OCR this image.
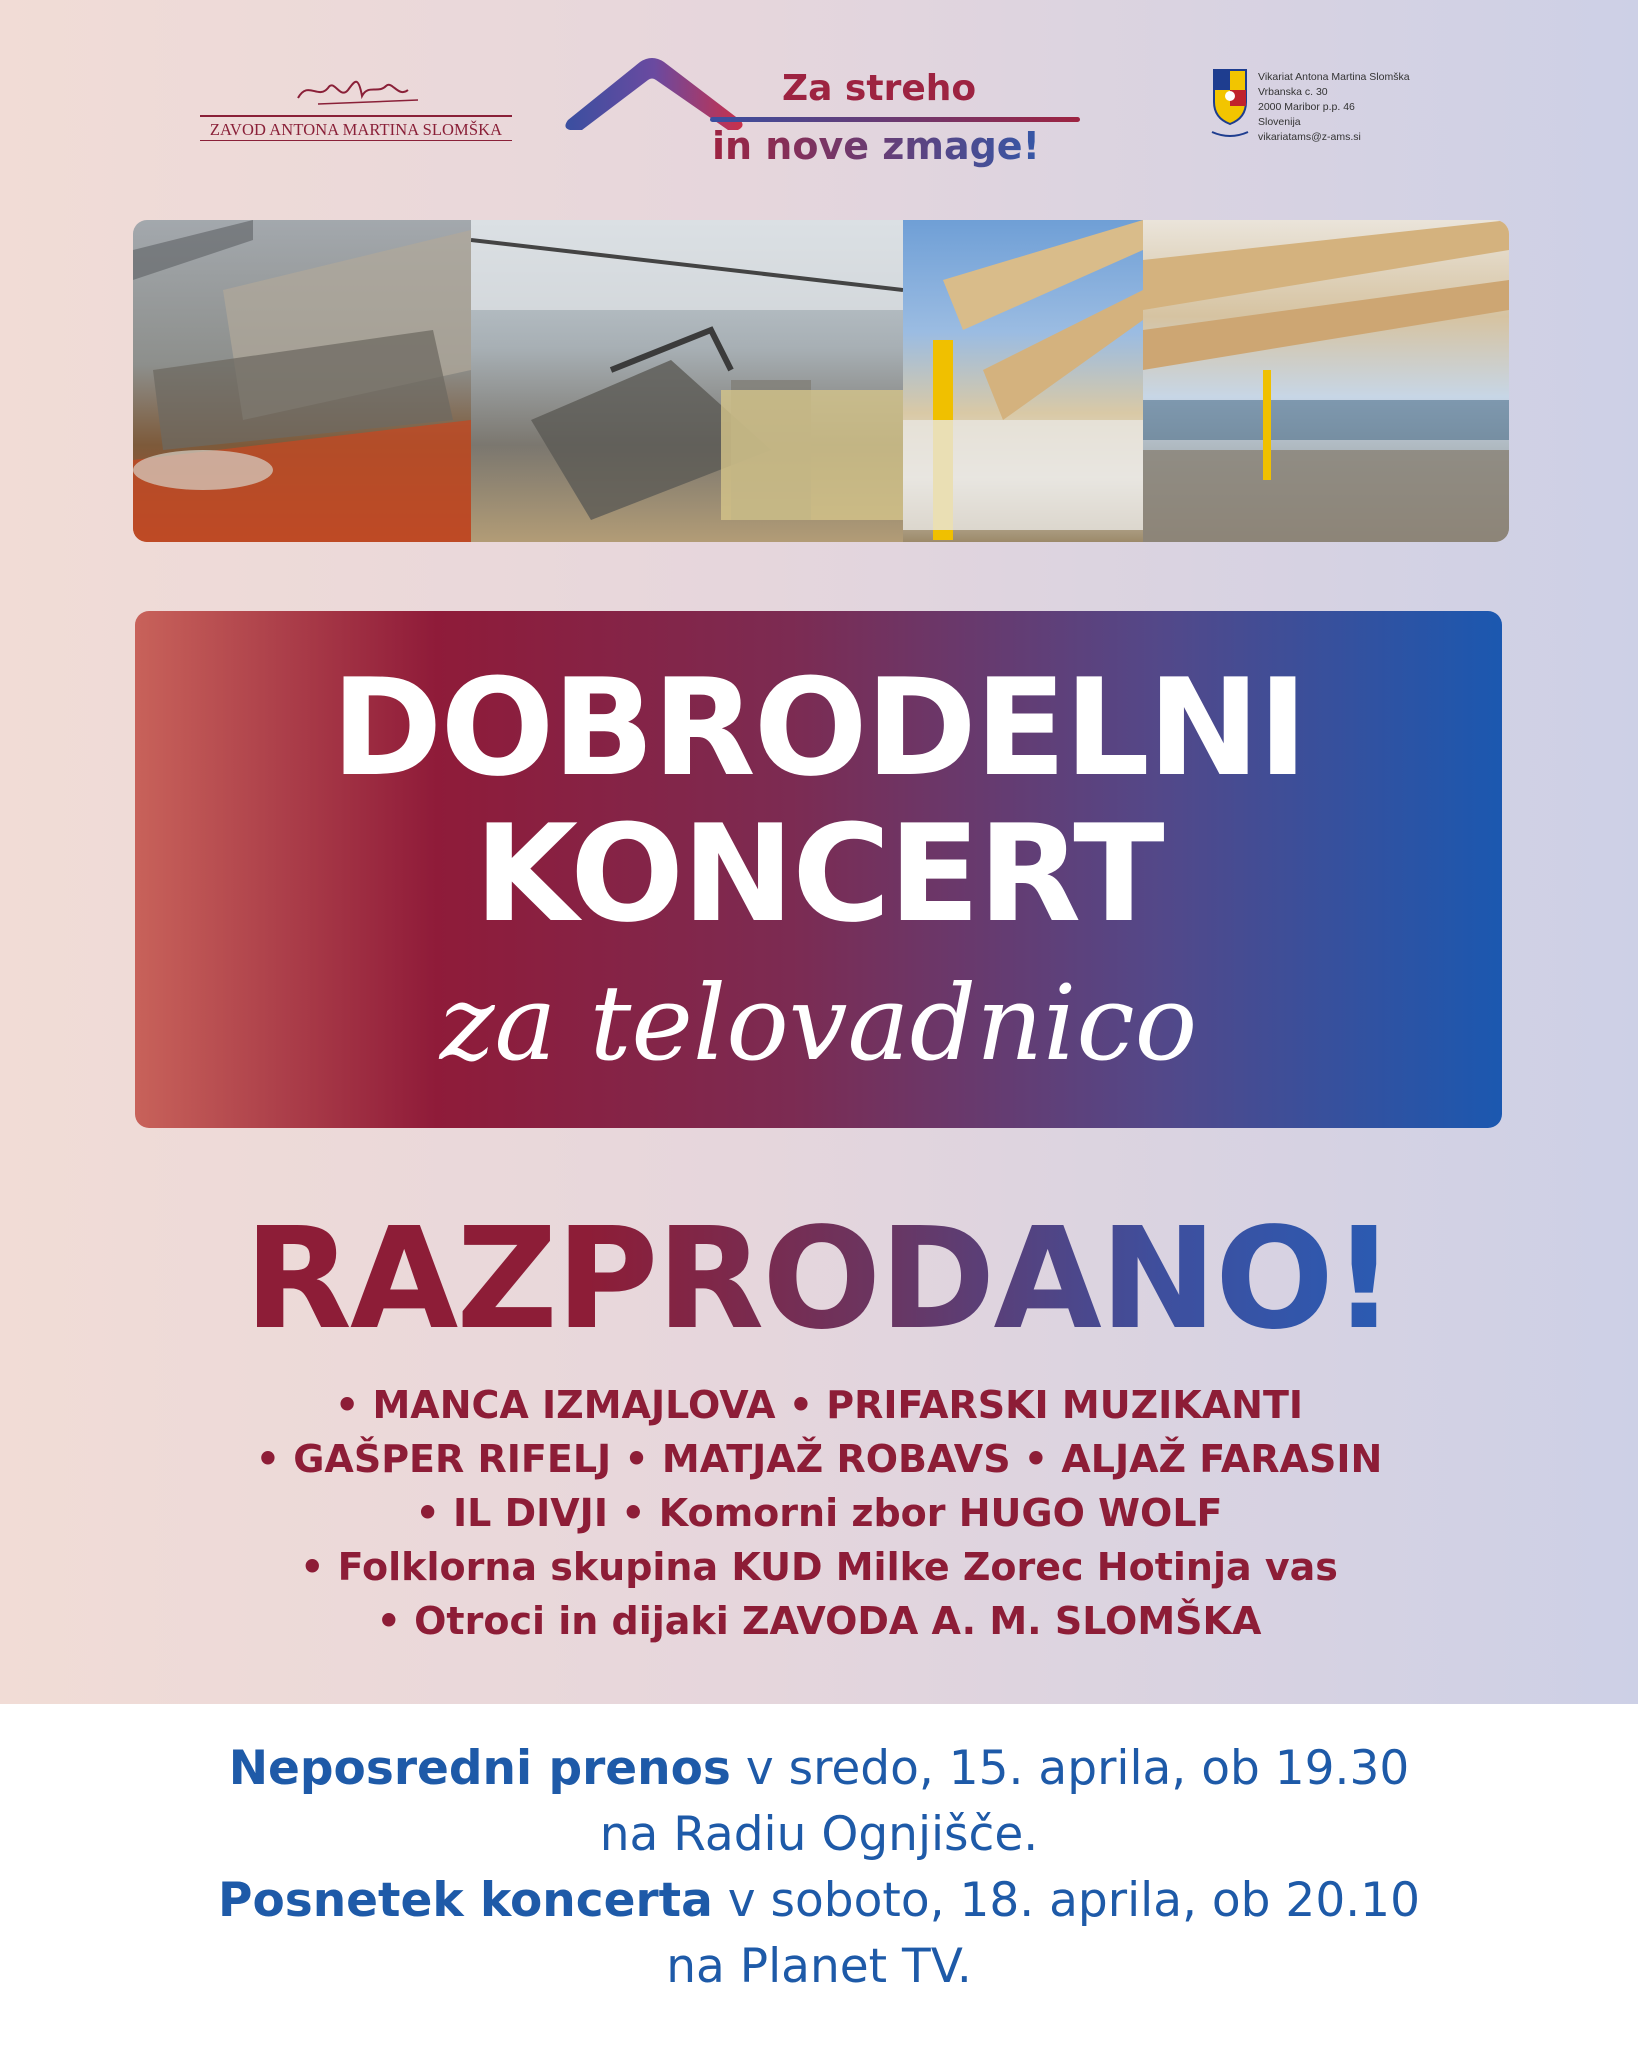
ZAVOD ANTONA MARTINA SLOMŠKA
Za streho
in nove zmage!
Vikariat Antona Martina Slomška
Vrbanska c. 30
2000 Maribor p.p. 46
Slovenija
vikariatams@z-ams.si
DOBRODELNI
KONCERT
za telovadnico
RAZPRODANO!
• MANCA IZMAJLOVA • PRIFARSKI MUZIKANTI
• GAŠPER RIFELJ • MATJAŽ ROBAVS • ALJAŽ FARASIN
• IL DIVJI • Komorni zbor HUGO WOLF
• Folklorna skupina KUD Milke Zorec Hotinja vas
• Otroci in dijaki ZAVODA A. M. SLOMŠKA
Neposredni prenos v sredo, 15. aprila, ob 19.30
na Radiu Ognjišče.
Posnetek koncerta v soboto, 18. aprila, ob 20.10
na Planet TV.
